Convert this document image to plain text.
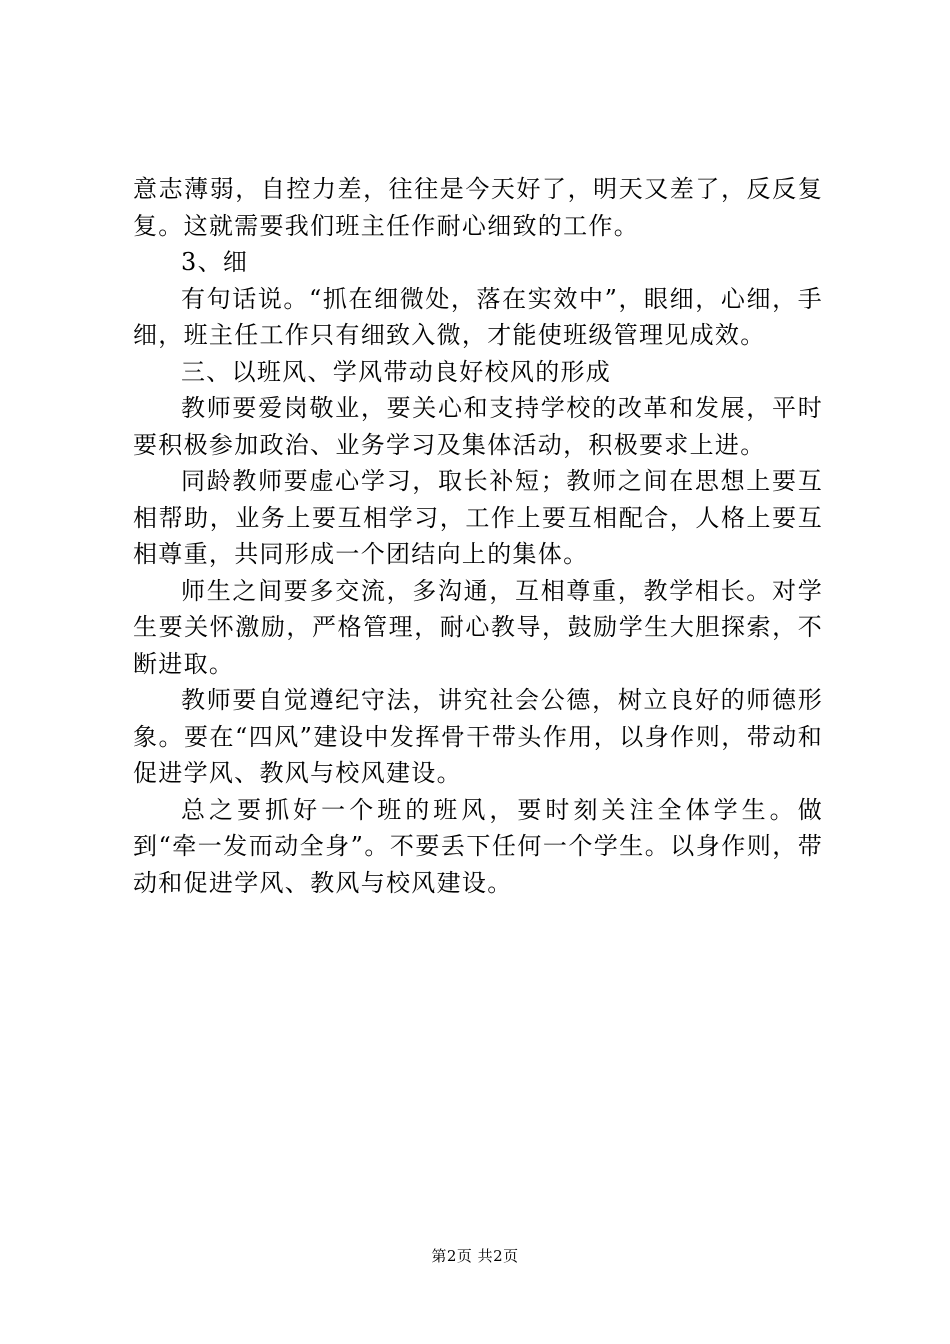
意志薄弱，自控力差，往往是今天好了，明天又差了，反反复复。这就需要我们班主任作耐心细致的工作。

3、细

有句话说。“抓在细微处，落在实效中”，眼细，心细，手细，班主任工作只有细致入微，才能使班级管理见成效。

三、以班风、学风带动良好校风的形成

教师要爱岗敬业，要关心和支持学校的改革和发展，平时要积极参加政治、业务学习及集体活动，积极要求上进。

同龄教师要虚心学习，取长补短；教师之间在思想上要互相帮助，业务上要互相学习，工作上要互相配合，人格上要互相尊重，共同形成一个团结向上的集体。

师生之间要多交流，多沟通，互相尊重，教学相长。对学生要关怀激励，严格管理，耐心教导，鼓励学生大胆探索，不断进取。

教师要自觉遵纪守法，讲究社会公德，树立良好的师德形象。要在“四风”建设中发挥骨干带头作用，以身作则，带动和促进学风、教风与校风建设。

总之要抓好一个班的班风，要时刻关注全体学生。做到“牵一发而动全身”。不要丢下任何一个学生。以身作则，带动和促进学风、教风与校风建设。

第2页 共2页
